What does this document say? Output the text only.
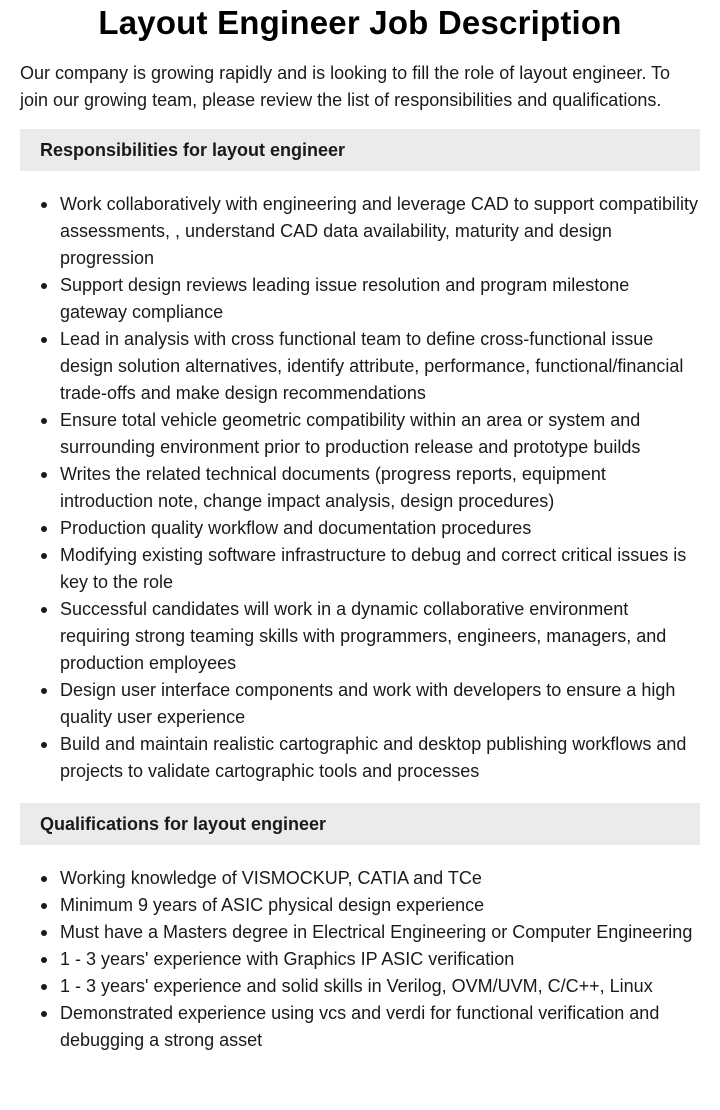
Layout Engineer Job Description

Our company is growing rapidly and is looking to fill the role of layout engineer. To join our growing team, please review the list of responsibilities and qualifications.

Responsibilities for layout engineer
Work collaboratively with engineering and leverage CAD to support compatibility assessments, , understand CAD data availability, maturity and design progression
Support design reviews leading issue resolution and program milestone gateway compliance
Lead in analysis with cross functional team to define cross-functional issue design solution alternatives, identify attribute, performance, functional/financial trade-offs and make design recommendations
Ensure total vehicle geometric compatibility within an area or system and surrounding environment prior to production release and prototype builds
Writes the related technical documents (progress reports, equipment introduction note, change impact analysis, design procedures)
Production quality workflow and documentation procedures
Modifying existing software infrastructure to debug and correct critical issues is key to the role
Successful candidates will work in a dynamic collaborative environment requiring strong teaming skills with programmers, engineers, managers, and production employees
Design user interface components and work with developers to ensure a high quality user experience
Build and maintain realistic cartographic and desktop publishing workflows and projects to validate cartographic tools and processes
Qualifications for layout engineer
Working knowledge of VISMOCKUP, CATIA and TCe
Minimum 9 years of ASIC physical design experience
Must have a Masters degree in Electrical Engineering or Computer Engineering
1 - 3 years' experience with Graphics IP ASIC verification
1 - 3 years' experience and solid skills in Verilog, OVM/UVM, C/C++, Linux
Demonstrated experience using vcs and verdi for functional verification and debugging a strong asset
